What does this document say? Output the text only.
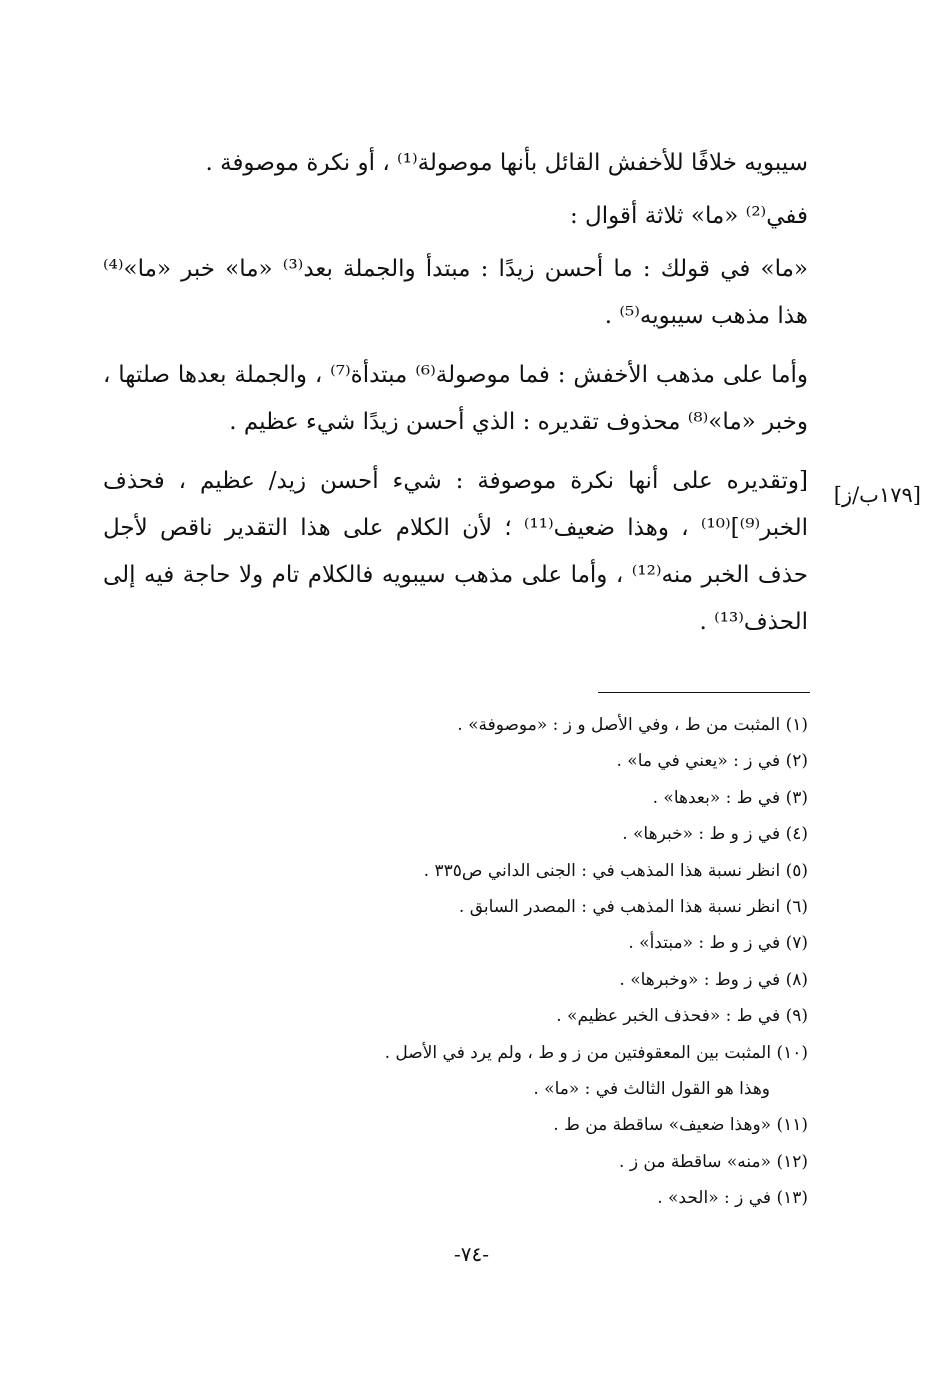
سيبويه خلافًا للأخفش القائل بأنها موصولة⁽¹⁾ ، أو نكرة موصوفة .

ففي⁽²⁾ «ما» ثلاثة أقوال :

«ما» في قولك : ما أحسن زيدًا : مبتدأ والجملة بعد⁽³⁾ «ما» خبر «ما»⁽⁴⁾ هذا مذهب سيبويه⁽⁵⁾ .

وأما على مذهب الأخفش : فما موصولة⁽⁶⁾ مبتدأة⁽⁷⁾ ، والجملة بعدها صلتها ، وخبر «ما»⁽⁸⁾ محذوف تقديره : الذي أحسن زيدًا شيء عظيم .

[وتقديره على أنها نكرة موصوفة : شيء أحسن زيد/ عظيم ، فحذف الخبر⁽⁹⁾]⁽¹⁰⁾ ، وهذا ضعيف⁽¹¹⁾ ؛ لأن الكلام على هذا التقدير ناقص لأجل حذف الخبر منه⁽¹²⁾ ، وأما على مذهب سيبويه فالكلام تام ولا حاجة فيه إلى الحذف⁽¹³⁾ .

[١٧٩ب/ز]
(١) المثبت من ط ، وفي الأصل و ز : «موصوفة» .
(٢) في ز : «يعني في ما» .
(٣) في ط : «بعدها» .
(٤) في ز و ط : «خبرها» .
(٥) انظر نسبة هذا المذهب في : الجنى الداني ص٣٣٥ .
(٦) انظر نسبة هذا المذهب في : المصدر السابق .
(٧) في ز و ط : «مبتدأ» .
(٨) في ز وط : «وخبرها» .
(٩) في ط : «فحذف الخبر عظيم» .
(١٠) المثبت بين المعقوفتين من ز و ط ، ولم يرد في الأصل .
وهذا هو القول الثالث في : «ما» .
(١١) «وهذا ضعيف» ساقطة من ط .
(١٢) «منه» ساقطة من ز .
(١٣) في ز : «الحد» .
-٧٤-
